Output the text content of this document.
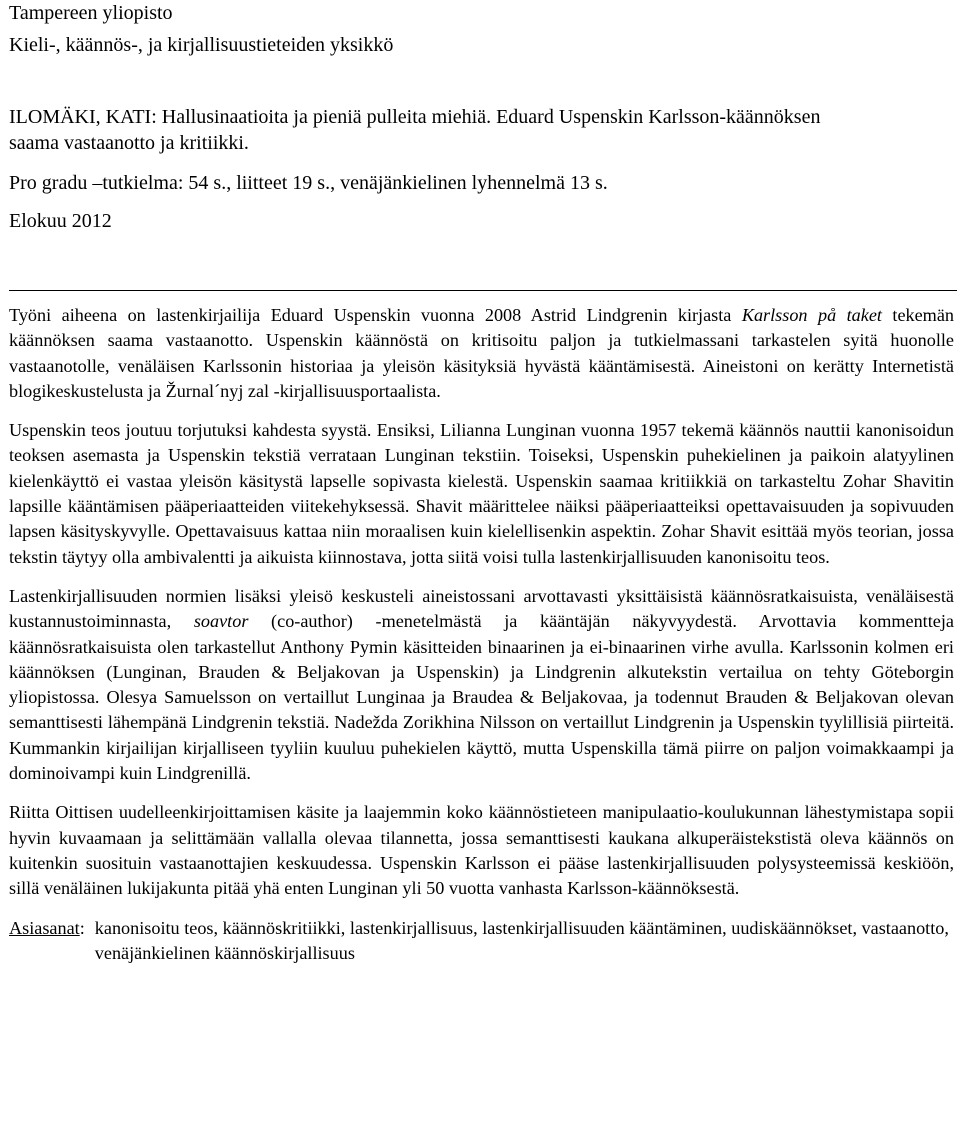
Tampereen yliopisto

Kieli-, käännös-, ja kirjallisuustieteiden yksikkö

ILOMÄKI, KATI: Hallusinaatioita ja pieniä pulleita miehiä. Eduard Uspenskin Karlsson-käännöksen

saama vastaanotto ja kritiikki.

Pro gradu –tutkielma: 54 s., liitteet 19 s., venäjänkielinen lyhennelmä 13 s.

Elokuu 2012

Työni aiheena on lastenkirjailija Eduard Uspenskin vuonna 2008 Astrid Lindgrenin kirjasta Karlsson på taket tekemän käännöksen saama vastaanotto. Uspenskin käännöstä on kritisoitu paljon ja tutkielmassani tarkastelen syitä huonolle vastaanotolle, venäläisen Karlssonin historiaa ja yleisön käsityksiä hyvästä kääntämisestä. Aineistoni on kerätty Internetistä blogikeskustelusta ja Žurnal´nyj zal -kirjallisuusportaalista.

Uspenskin teos joutuu torjutuksi kahdesta syystä. Ensiksi, Lilianna Lunginan vuonna 1957 tekemä käännös nauttii kanonisoidun teoksen asemasta ja Uspenskin tekstiä verrataan Lunginan tekstiin. Toiseksi, Uspenskin puhekielinen ja paikoin alatyylinen kielenkäyttö ei vastaa yleisön käsitystä lapselle sopivasta kielestä. Uspenskin saamaa kritiikkiä on tarkasteltu Zohar Shavitin lapsille kääntämisen pääperiaatteiden viitekehyksessä. Shavit määrittelee näiksi pääperiaatteiksi opettavaisuuden ja sopivuuden lapsen käsityskyvylle. Opettavaisuus kattaa niin moraalisen kuin kielellisenkin aspektin. Zohar Shavit esittää myös teorian, jossa tekstin täytyy olla ambivalentti ja aikuista kiinnostava, jotta siitä voisi tulla lastenkirjallisuuden kanonisoitu teos.

Lastenkirjallisuuden normien lisäksi yleisö keskusteli aineistossani arvottavasti yksittäisistä käännösratkaisuista, venäläisestä kustannustoiminnasta, soavtor (co-author) -menetelmästä ja kääntäjän näkyvyydestä. Arvottavia kommentteja käännösratkaisuista olen tarkastellut Anthony Pymin käsitteiden binaarinen ja ei-binaarinen virhe avulla. Karlssonin kolmen eri käännöksen (Lunginan, Brauden & Beljakovan ja Uspenskin) ja Lindgrenin alkutekstin vertailua on tehty Göteborgin yliopistossa. Olesya Samuelsson on vertaillut Lunginaa ja Braudea & Beljakovaa, ja todennut Brauden & Beljakovan olevan semanttisesti lähempänä Lindgrenin tekstiä. Nadežda Zorikhina Nilsson on vertaillut Lindgrenin ja Uspenskin tyylillisiä piirteitä. Kummankin kirjailijan kirjalliseen tyyliin kuuluu puhekielen käyttö, mutta Uspenskilla tämä piirre on paljon voimakkaampi ja dominoivampi kuin Lindgrenillä.

Riitta Oittisen uudelleenkirjoittamisen käsite ja laajemmin koko käännöstieteen manipulaatio-koulukunnan lähestymistapa sopii hyvin kuvaamaan ja selittämään vallalla olevaa tilannetta, jossa semanttisesti kaukana alkuperäistekstistä oleva käännös on kuitenkin suosituin vastaanottajien keskuudessa. Uspenskin Karlsson ei pääse lastenkirjallisuuden polysysteemissä keskiöön, sillä venäläinen lukijakunta pitää yhä enten Lunginan yli 50 vuotta vanhasta Karlsson-käännöksestä.

Asiasanat : kanonisoitu teos, käännöskritiikki, lastenkirjallisuus, lastenkirjallisuuden kääntäminen, uudiskäännökset, vastaanotto, venäjänkielinen käännöskirjallisuus
